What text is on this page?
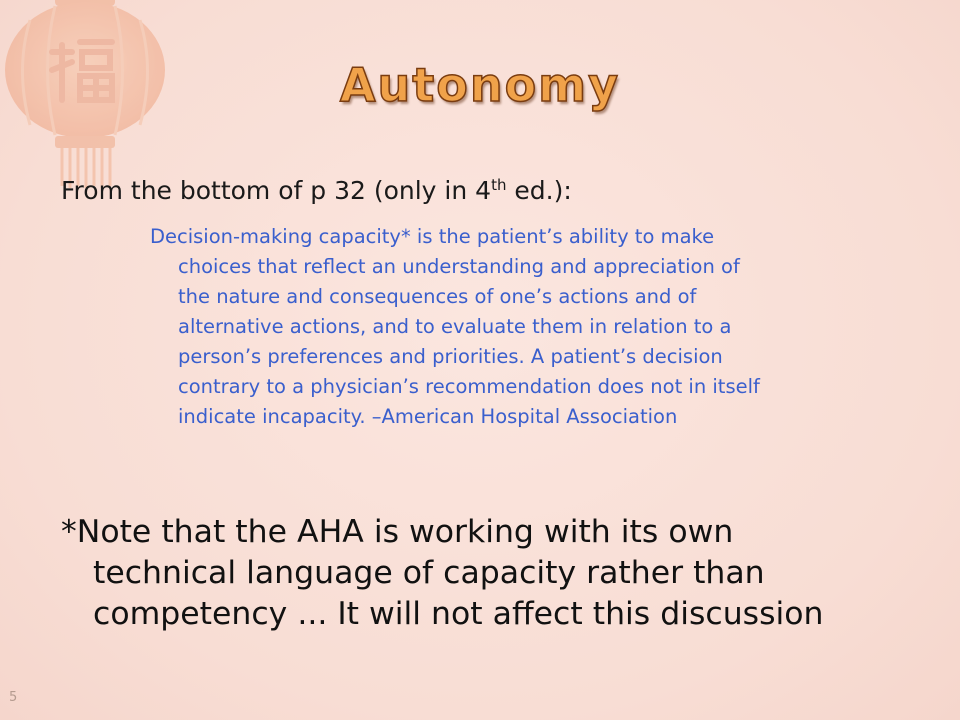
Autonomy

From the bottom of p 32 (only in 4th ed.):

Decision-making capacity* is the patient’s ability to make
choices that reflect an understanding and appreciation of
the nature and consequences of one’s actions and of
alternative actions, and to evaluate them in relation to a
person’s preferences and priorities. A patient’s decision
contrary to a physician’s recommendation does not in itself
indicate incapacity. –American Hospital Association

*Note that the AHA is working with its own
technical language of capacity rather than
competency ... It will not affect this discussion

5
